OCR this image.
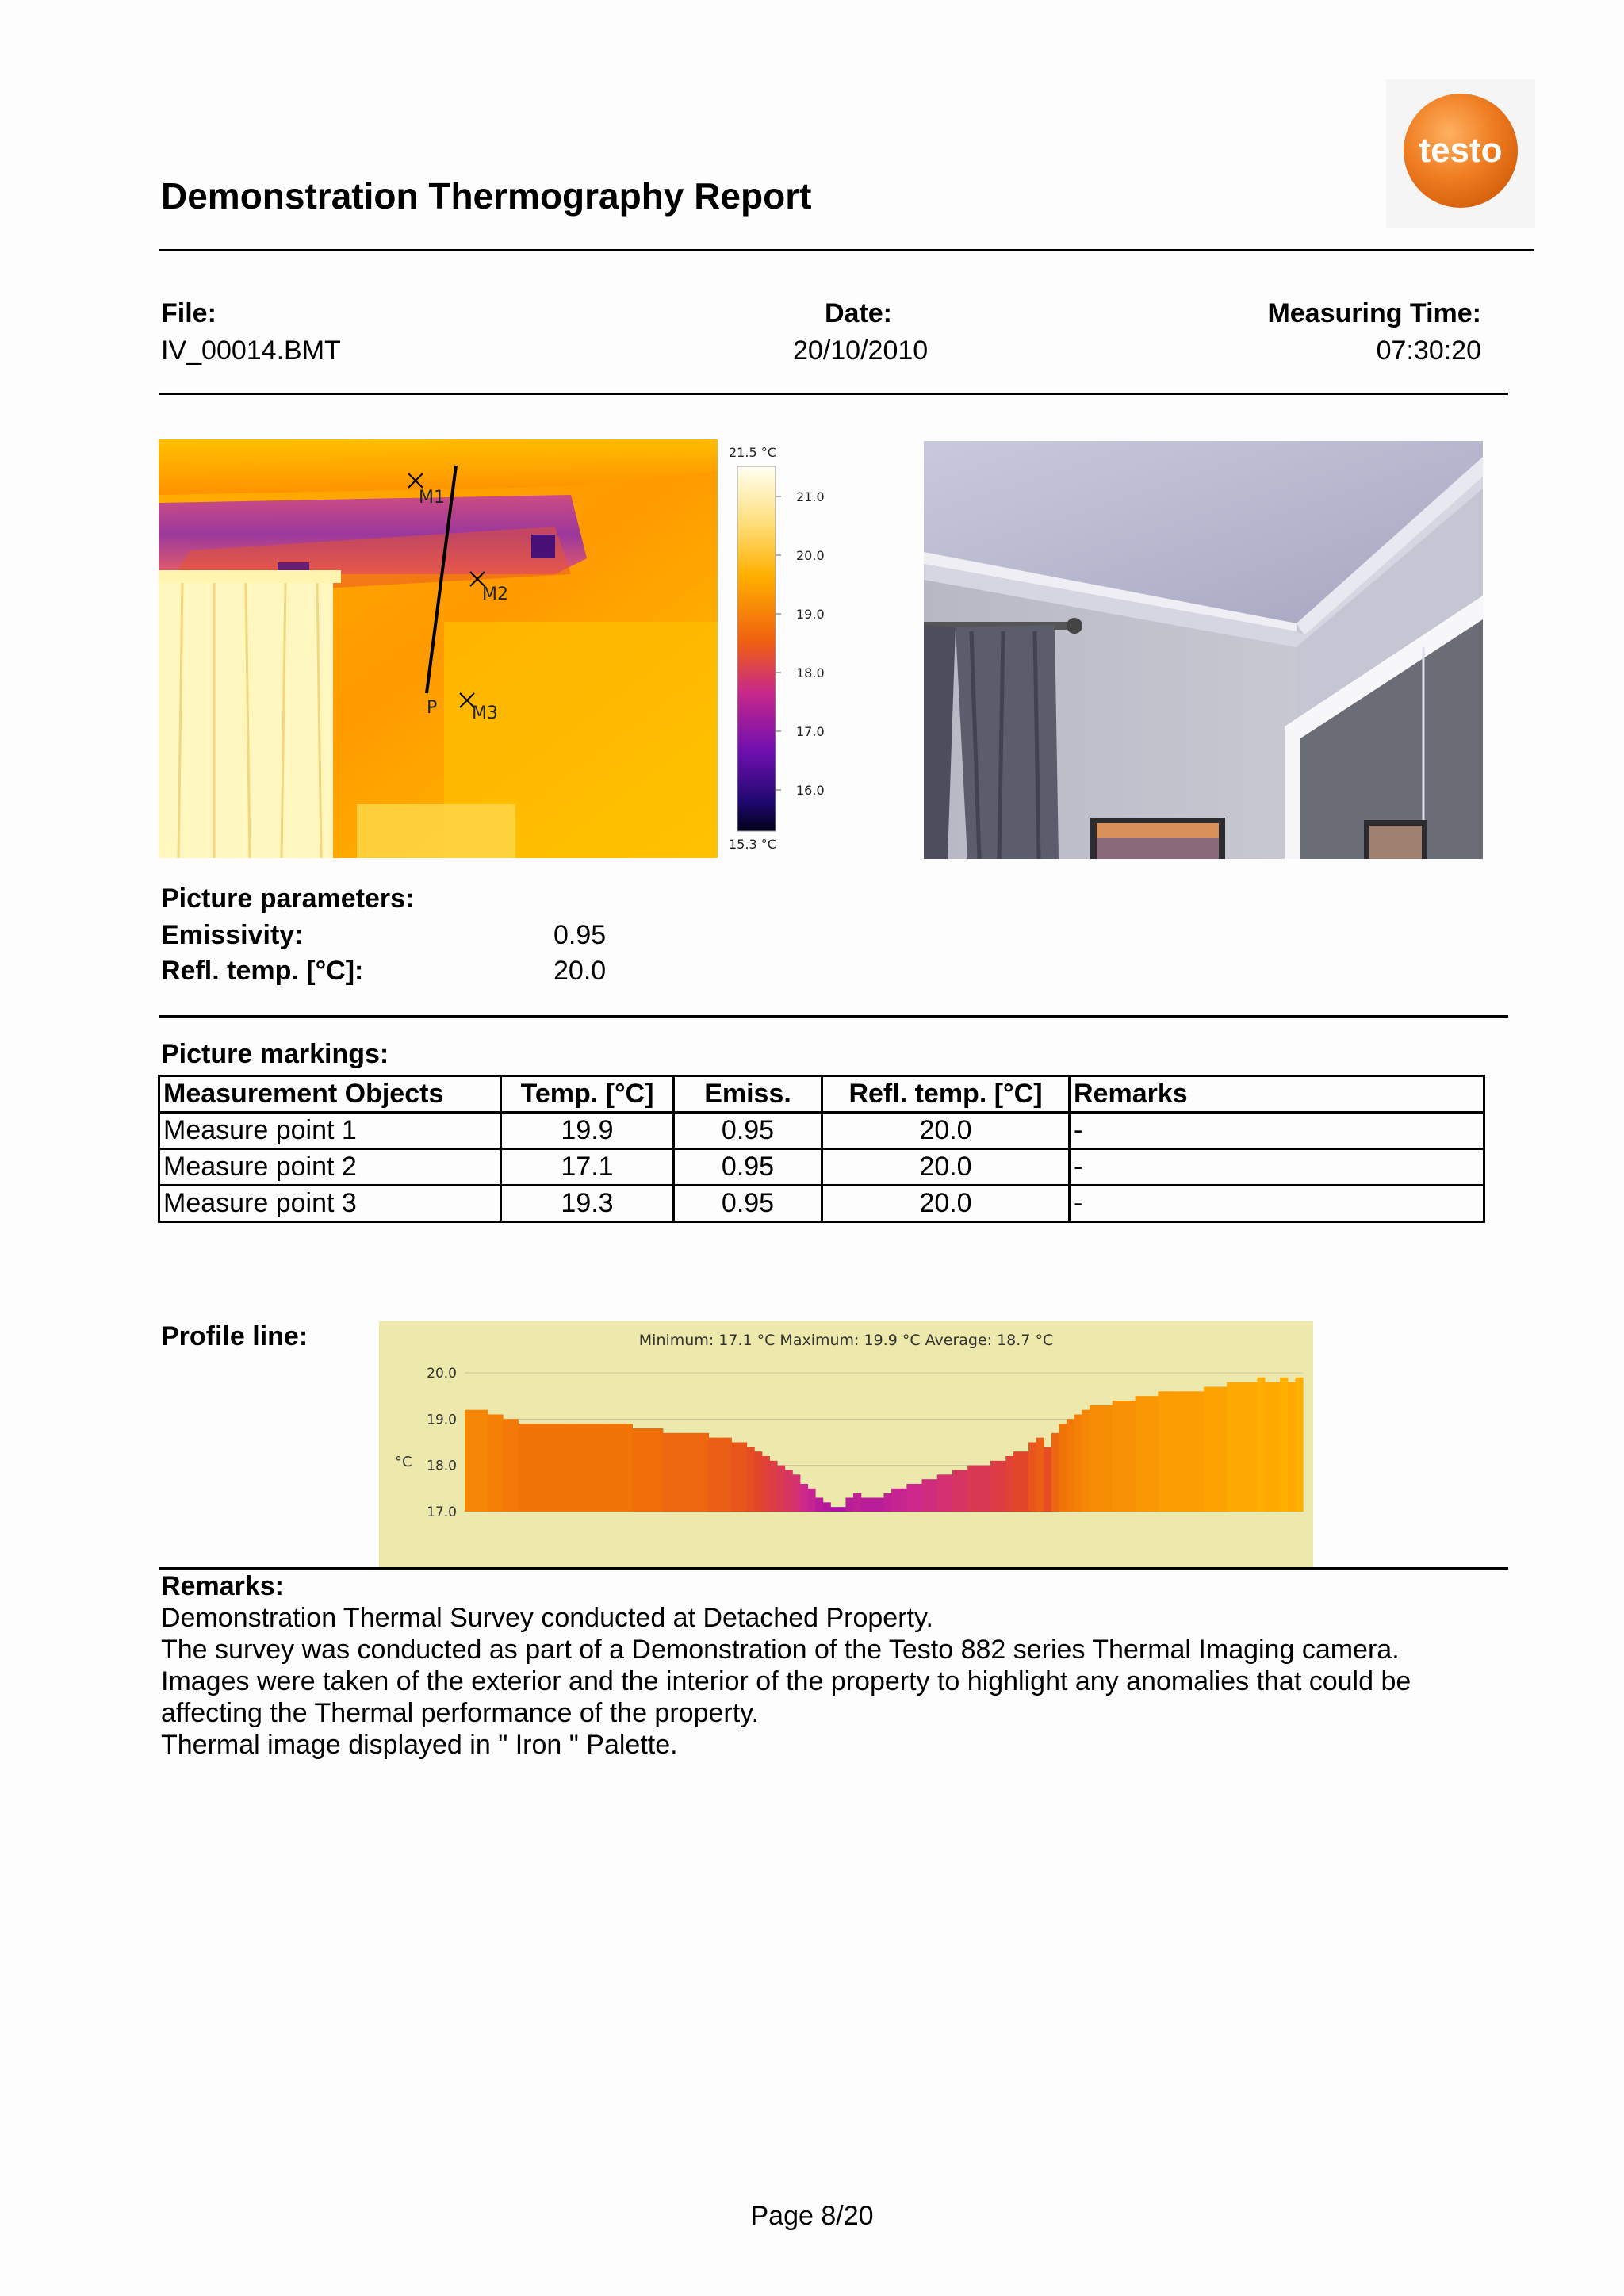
Demonstration Thermography Report
testo
File:
IV_00014.BMT
Date:
20/10/2010
Measuring Time:
07:30:20
M1
M2
M3
P
21.5 °C
15.3 °C
21.0
20.0
19.0
18.0
17.0
16.0
Picture parameters:
Emissivity:	0.95
Refl. temp. [°C]:	20.0
Picture markings:
Measurement Objects	Temp. [°C]	Emiss.	Refl. temp. [°C]	Remarks
Measure point 1	19.9	0.95	20.0	-
Measure point 2	17.1	0.95	20.0	-
Measure point 3	19.3	0.95	20.0	-
Profile line:	Minimum: 17.1 °C Maximum: 19.9 °C Average: 18.7 °C
°C
20.0
19.0
18.0
17.0
Remarks:
Demonstration Thermal Survey conducted at Detached Property.
The survey was conducted as part of a Demonstration of the Testo 882 series Thermal Imaging camera.
Images were taken of the exterior and the interior of the property to highlight any anomalies that could be
affecting the Thermal performance of the property.
Thermal image displayed in " Iron " Palette.
Page 8/20
